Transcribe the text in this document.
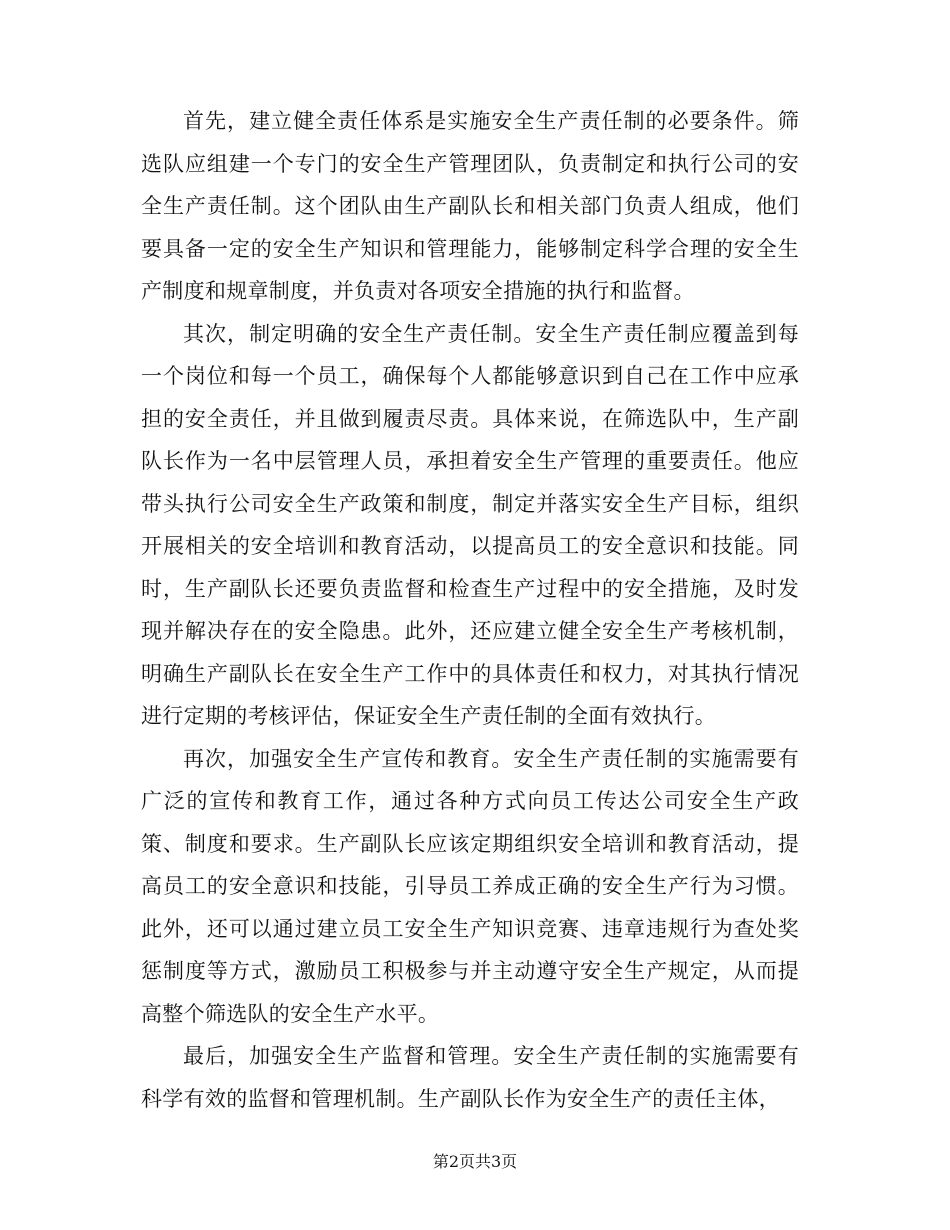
首先，建立健全责任体系是实施安全生产责任制的必要条件。筛选队应组建一个专门的安全生产管理团队，负责制定和执行公司的安全生产责任制。这个团队由生产副队长和相关部门负责人组成，他们要具备一定的安全生产知识和管理能力，能够制定科学合理的安全生产制度和规章制度，并负责对各项安全措施的执行和监督。

其次，制定明确的安全生产责任制。安全生产责任制应覆盖到每一个岗位和每一个员工，确保每个人都能够意识到自己在工作中应承担的安全责任，并且做到履责尽责。具体来说，在筛选队中，生产副队长作为一名中层管理人员，承担着安全生产管理的重要责任。他应带头执行公司安全生产政策和制度，制定并落实安全生产目标，组织开展相关的安全培训和教育活动，以提高员工的安全意识和技能。同时，生产副队长还要负责监督和检查生产过程中的安全措施，及时发现并解决存在的安全隐患。此外，还应建立健全安全生产考核机制，明确生产副队长在安全生产工作中的具体责任和权力，对其执行情况进行定期的考核评估，保证安全生产责任制的全面有效执行。

再次，加强安全生产宣传和教育。安全生产责任制的实施需要有广泛的宣传和教育工作，通过各种方式向员工传达公司安全生产政策、制度和要求。生产副队长应该定期组织安全培训和教育活动，提高员工的安全意识和技能，引导员工养成正确的安全生产行为习惯。此外，还可以通过建立员工安全生产知识竞赛、违章违规行为查处奖惩制度等方式，激励员工积极参与并主动遵守安全生产规定，从而提高整个筛选队的安全生产水平。

最后，加强安全生产监督和管理。安全生产责任制的实施需要有科学有效的监督和管理机制。生产副队长作为安全生产的责任主体，

第2页共3页
